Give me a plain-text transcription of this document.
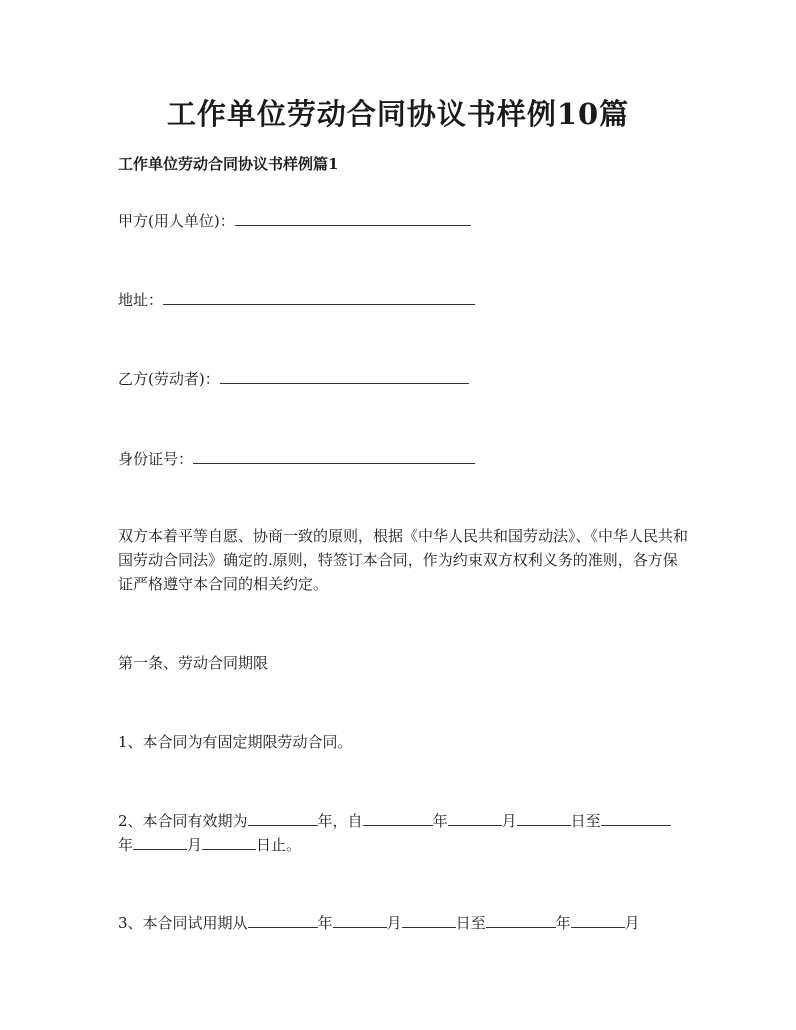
工作单位劳动合同协议书样例10篇
工作单位劳动合同协议书样例篇1
甲方(用人单位)：
地址：
乙方(劳动者)：
身份证号：
双方本着平等自愿、协商一致的原则，根据《中华人民共和国劳动法》、《中华人民共和国劳动合同法》确定的.原则，特签订本合同，作为约束双方权利义务的准则，各方保证严格遵守本合同的相关约定。
第一条、劳动合同期限
1、本合同为有固定期限劳动合同。
2、本合同有效期为	年，自	年	月	日至
年	月	日止。
3、本合同试用期从	年	月	日至	年	月
